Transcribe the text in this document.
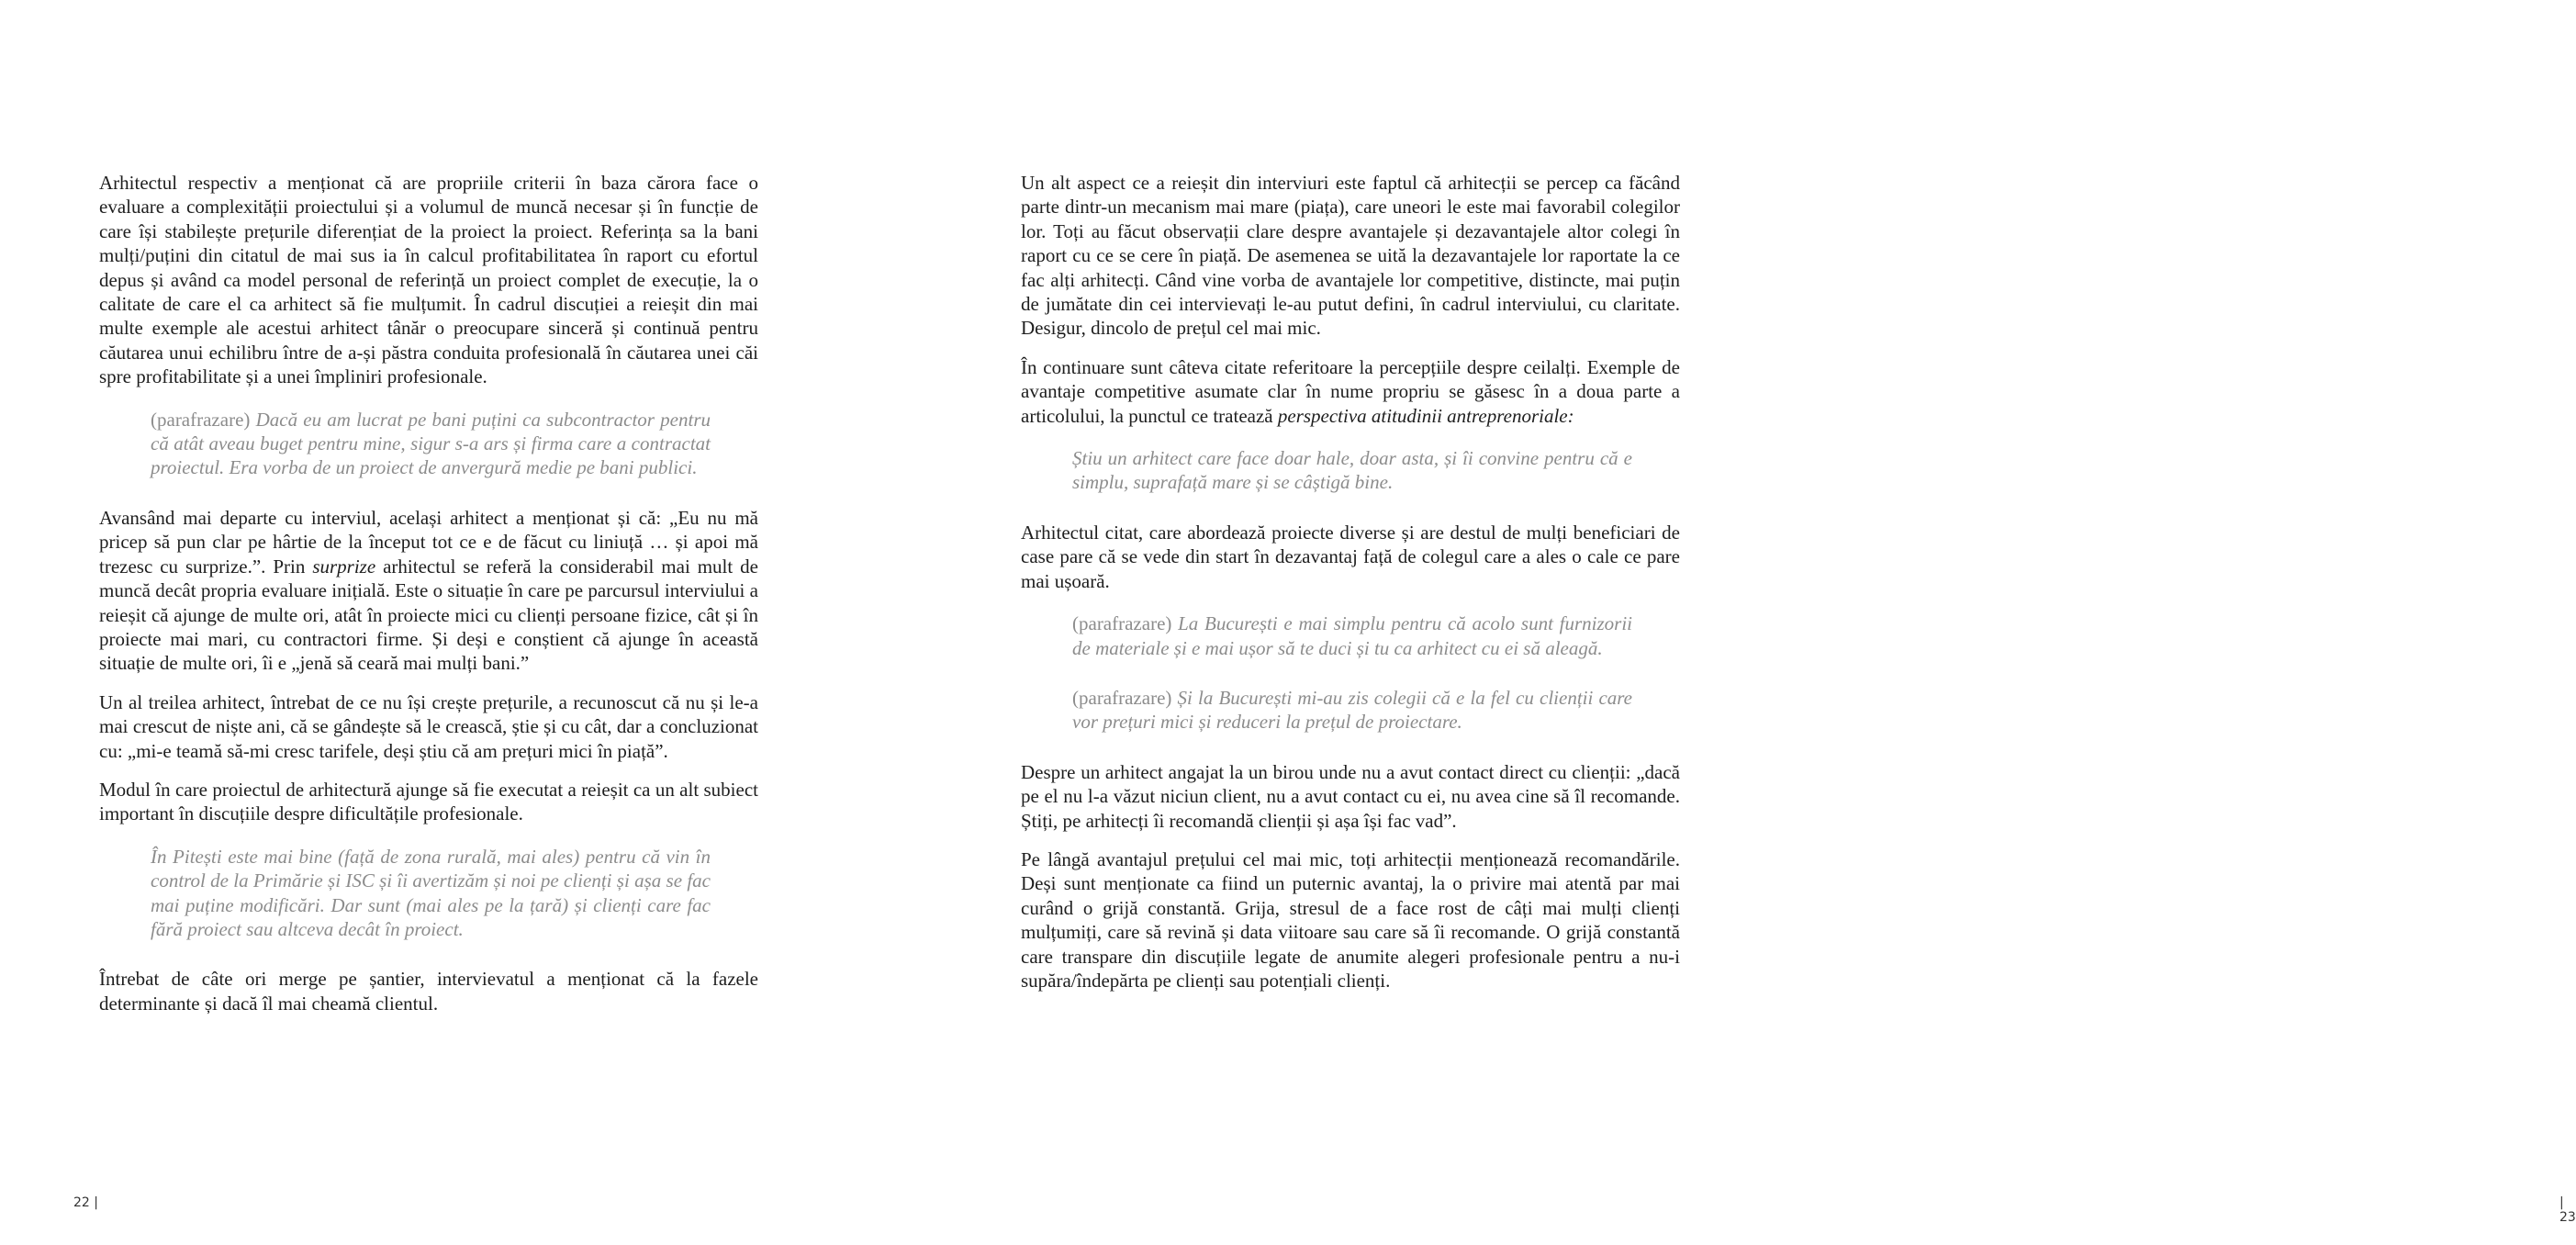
Arhitectul respectiv a menționat că are propriile criterii în baza cărora face o evaluare a complexității proiectului și a volumul de muncă necesar și în funcție de care își stabilește prețurile diferențiat de la proiect la proiect. Referința sa la bani mulți/puțini din citatul de mai sus ia în calcul profitabilitatea în raport cu efortul depus și având ca model personal de referință un proiect complet de execuție, la o calitate de care el ca arhitect să fie mulțumit. În cadrul discuției a reieșit din mai multe exemple ale acestui arhitect tânăr o preocupare sinceră și continuă pentru căutarea unui echilibru între de a-și păstra conduita profesională în căutarea unei căi spre profitabilitate și a unei împliniri profesionale.

(parafrazare) Dacă eu am lucrat pe bani puțini ca subcontractor pentru că atât aveau buget pentru mine, sigur s-a ars și firma care a contractat proiectul. Era vorba de un proiect de anvergură medie pe bani publici.

Avansând mai departe cu interviul, același arhitect a menționat și că: „Eu nu mă pricep să pun clar pe hârtie de la început tot ce e de făcut cu liniuță … și apoi mă trezesc cu surprize.”. Prin surprize arhitectul se referă la considerabil mai mult de muncă decât propria evaluare inițială. Este o situație în care pe parcursul interviului a reieșit că ajunge de multe ori, atât în proiecte mici cu clienți persoane fizice, cât și în proiecte mai mari, cu contractori firme. Și deși e conștient că ajunge în această situație de multe ori, îi e „jenă să ceară mai mulți bani.”

Un al treilea arhitect, întrebat de ce nu își crește prețurile, a recunoscut că nu și le-a mai crescut de niște ani, că se gândește să le crească, știe și cu cât, dar a concluzionat cu: „mi-e teamă să-mi cresc tarifele, deși știu că am prețuri mici în piață”.

Modul în care proiectul de arhitectură ajunge să fie executat a reieșit ca un alt subiect important în discuțiile despre dificultățile profesionale.

În Pitești este mai bine (față de zona rurală, mai ales) pentru că vin în control de la Primărie și ISC și îi avertizăm și noi pe clienți și așa se fac mai puține modificări. Dar sunt (mai ales pe la țară) și clienți care fac fără proiect sau altceva decât în proiect.

Întrebat de câte ori merge pe șantier, intervievatul a menționat că la fazele determinante și dacă îl mai cheamă clientul.

22 |

Un alt aspect ce a reieșit din interviuri este faptul că arhitecții se percep ca făcând parte dintr-un mecanism mai mare (piața), care uneori le este mai favorabil colegilor lor. Toți au făcut observații clare despre avantajele și dezavantajele altor colegi în raport cu ce se cere în piață. De asemenea se uită la dezavantajele lor raportate la ce fac alți arhitecți. Când vine vorba de avantajele lor competitive, distincte, mai puțin de jumătate din cei intervievați le-au putut defini, în cadrul interviului, cu claritate. Desigur, dincolo de prețul cel mai mic.

În continuare sunt câteva citate referitoare la percepțiile despre ceilalți. Exemple de avantaje competitive asumate clar în nume propriu se găsesc în a doua parte a articolului, la punctul ce tratează perspectiva atitudinii antreprenoriale:

Știu un arhitect care face doar hale, doar asta, și îi convine pentru că e simplu, suprafață mare și se câștigă bine.

Arhitectul citat, care abordează proiecte diverse și are destul de mulți beneficiari de case pare că se vede din start în dezavantaj față de colegul care a ales o cale ce pare mai ușoară.

(parafrazare) La București e mai simplu pentru că acolo sunt furnizorii de materiale și e mai ușor să te duci și tu ca arhitect cu ei să aleagă.
(parafrazare) Și la București mi-au zis colegii că e la fel cu clienții care vor prețuri mici și reduceri la prețul de proiectare.

Despre un arhitect angajat la un birou unde nu a avut contact direct cu clienții: „dacă pe el nu l-a văzut niciun client, nu a avut contact cu ei, nu avea cine să îl recomande. Știți, pe arhitecți îi recomandă clienții și așa își fac vad”.

Pe lângă avantajul prețului cel mai mic, toți arhitecții menționează recomandările. Deși sunt menționate ca fiind un puternic avantaj, la o privire mai atentă par mai curând o grijă constantă. Grija, stresul de a face rost de câți mai mulți clienți mulțumiți, care să revină și data viitoare sau care să îi recomande. O grijă constantă care transpare din discuțiile legate de anumite alegeri profesionale pentru a nu-i supăra/îndepărta pe clienți sau potențiali clienți.

| 23
